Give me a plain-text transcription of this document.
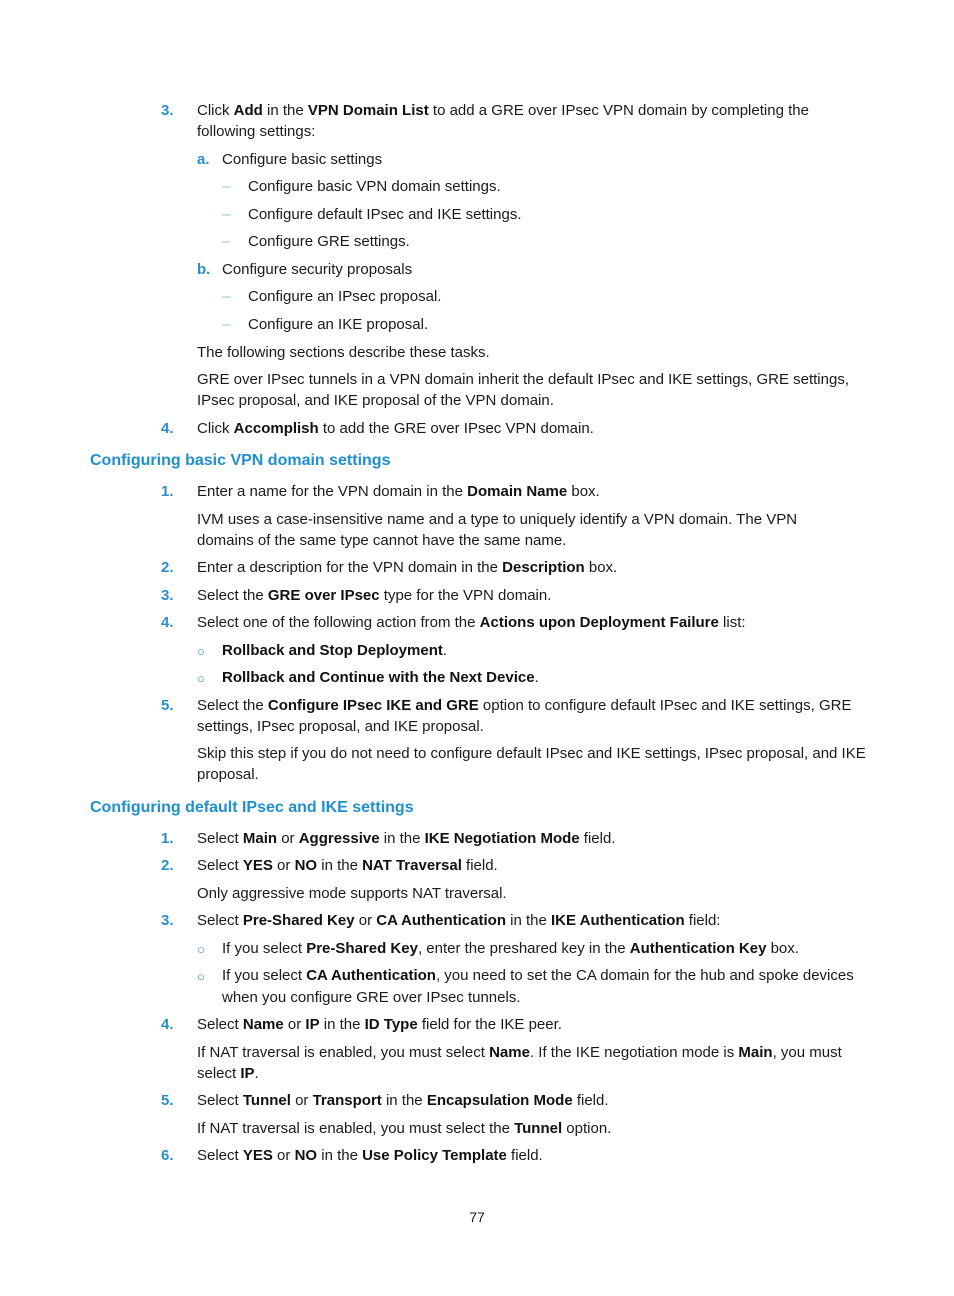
3. Click Add in the VPN Domain List to add a GRE over IPsec VPN domain by completing the
following settings:
a. Configure basic settings
– Configure basic VPN domain settings.
– Configure default IPsec and IKE settings.
– Configure GRE settings.
b. Configure security proposals
– Configure an IPsec proposal.
– Configure an IKE proposal.
The following sections describe these tasks.
GRE over IPsec tunnels in a VPN domain inherit the default IPsec and IKE settings, GRE settings,
IPsec proposal, and IKE proposal of the VPN domain.
4. Click Accomplish to add the GRE over IPsec VPN domain.
Configuring basic VPN domain settings
1. Enter a name for the VPN domain in the Domain Name box.
IVM uses a case-insensitive name and a type to uniquely identify a VPN domain. The VPN
domains of the same type cannot have the same name.
2. Enter a description for the VPN domain in the Description box.
3. Select the GRE over IPsec type for the VPN domain.
4. Select one of the following action from the Actions upon Deployment Failure list:
○ Rollback and Stop Deployment.
○ Rollback and Continue with the Next Device.
5. Select the Configure IPsec IKE and GRE option to configure default IPsec and IKE settings, GRE
settings, IPsec proposal, and IKE proposal.
Skip this step if you do not need to configure default IPsec and IKE settings, IPsec proposal, and IKE
proposal.
Configuring default IPsec and IKE settings
1. Select Main or Aggressive in the IKE Negotiation Mode field.
2. Select YES or NO in the NAT Traversal field.
Only aggressive mode supports NAT traversal.
3. Select Pre-Shared Key or CA Authentication in the IKE Authentication field:
○ If you select Pre-Shared Key, enter the preshared key in the Authentication Key box.
○ If you select CA Authentication, you need to set the CA domain for the hub and spoke devices
when you configure GRE over IPsec tunnels.
4. Select Name or IP in the ID Type field for the IKE peer.
If NAT traversal is enabled, you must select Name. If the IKE negotiation mode is Main, you must
select IP.
5. Select Tunnel or Transport in the Encapsulation Mode field.
If NAT traversal is enabled, you must select the Tunnel option.
6. Select YES or NO in the Use Policy Template field.
77
